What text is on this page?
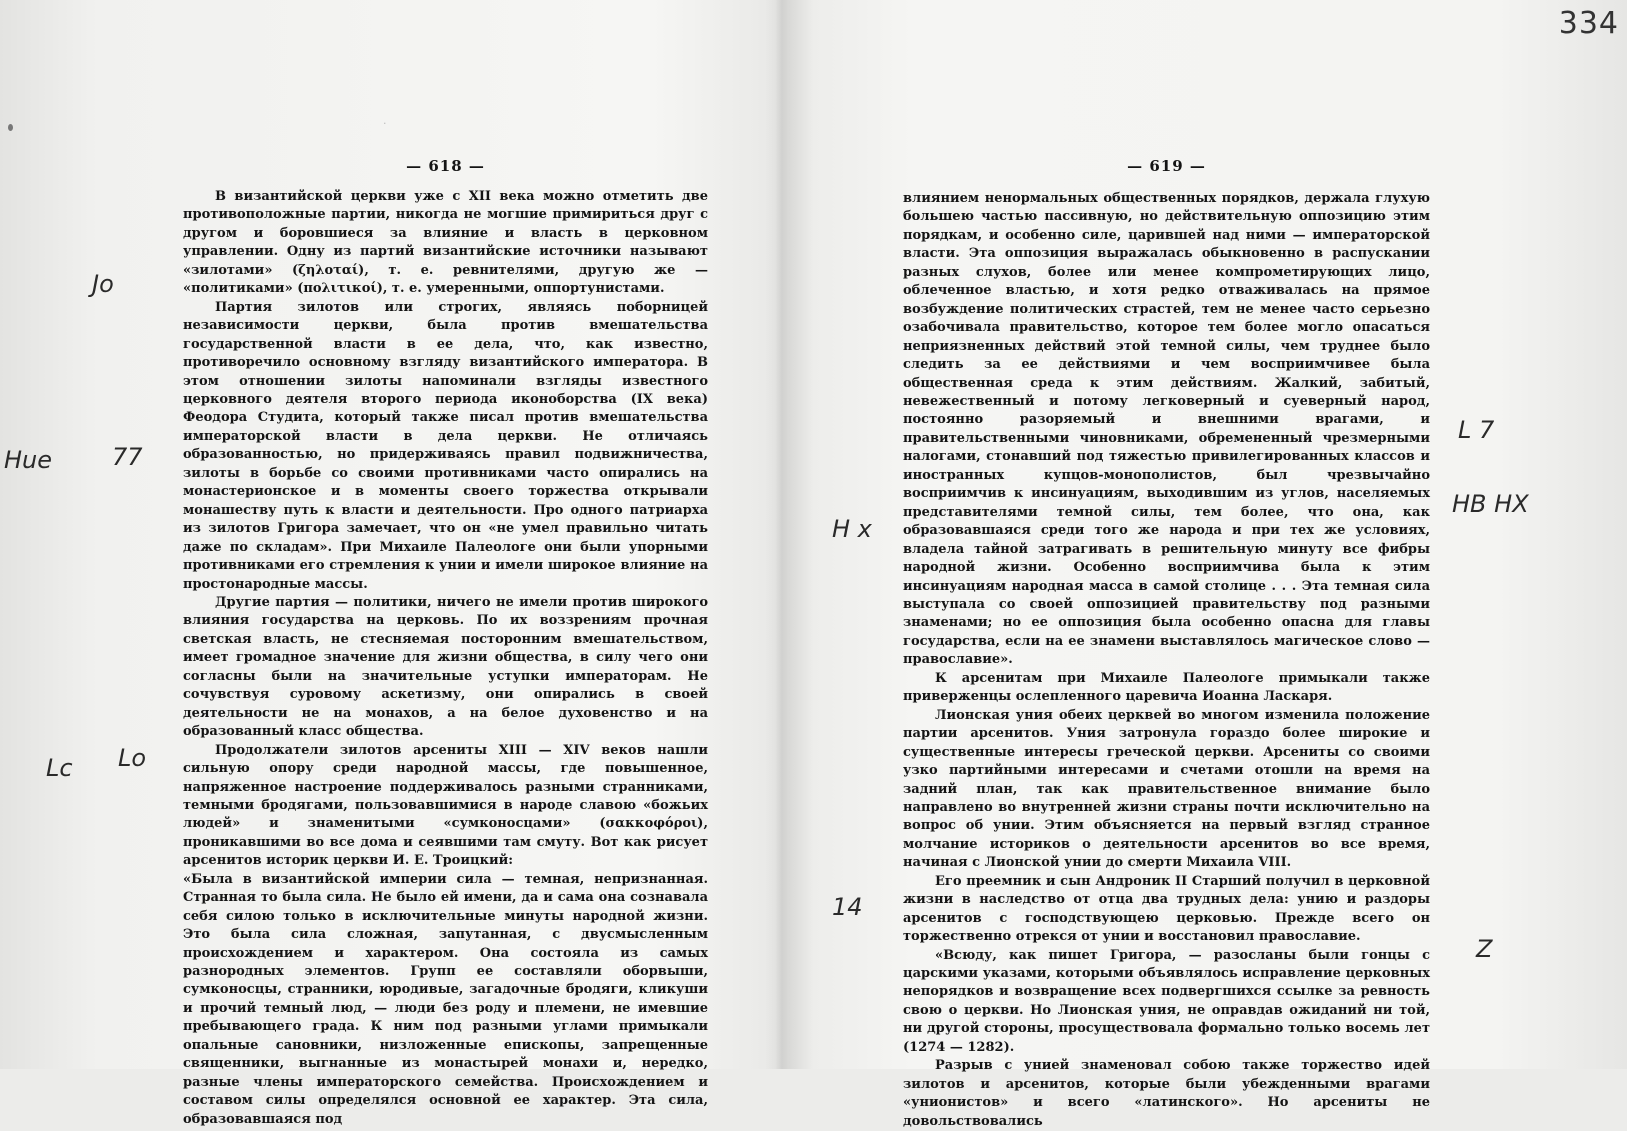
334
·
— 618 —

В византийской церкви уже с XII века можно отметить две противоположные партии, никогда не могшие примириться друг с другом и боровшиеся за влияние и власть в церковном управлении. Одну из партий византийские источники называют «зилотами» (ζηλοταί), т. е. ревнителями, другую же — «политиками» (πολιτικοί), т. е. умеренными, оппортунистами.

Партия зилотов или строгих, являясь поборницей независимости церкви, была против вмешательства государственной власти в ее дела, что, как известно, противоречило основному взгляду византийского императора. В этом отношении зилоты напоминали взгляды известного церковного деятеля второго периода иконоборства (IX века) Феодора Студита, который также писал против вмешательства императорской власти в дела церкви. Не отличаясь образованностью, но придерживаясь правил подвижничества, зилоты в борьбе со своими противниками часто опирались на монастерионское и в моменты своего торжества открывали монашеству путь к власти и деятельности. Про одного патриарха из зилотов Григора замечает, что он «не умел правильно читать даже по складам». При Михаиле Палеологе они были упорными противниками его стремления к унии и имели широкое влияние на простонародные массы.

Другие партия — политики, ничего не имели против широкого влияния государства на церковь. По их воззрениям прочная светская власть, не стесняемая посторонним вмешательством, имеет громадное значение для жизни общества, в силу чего они согласны были на значительные уступки императорам. Не сочувствуя суровому аскетизму, они опирались в своей деятельности не на монахов, а на белое духовенство и на образованный класс общества.

Продолжатели зилотов арсениты XIII — XIV веков нашли сильную опору среди народной массы, где повышенное, напряженное настроение поддерживалось разными странниками, темными бродягами, пользовавшимися в народе славою «божьих людей» и знаменитыми «сумконосцами» (σακκοφόροι), проникавшими во все дома и сеявшими там смуту. Вот как рисует арсенитов историк церкви И. Е. Троицкий:

«Была в византийской империи сила — темная, непризнанная. Странная то была сила. Не было ей имени, да и сама она сознавала себя силою только в исключительные минуты народной жизни. Это была сила сложная, запутанная, с двусмысленным происхождением и характером. Она состояла из самых разнородных элементов. Групп ее составляли оборвыши, сумконосцы, странники, юродивые, загадочные бродяги, кликуши и прочий темный люд, — люди без роду и племени, не имевшие пребывающего града. К ним под разными углами примыкали опальные сановники, низложенные епископы, запрещенные священники, выгнанные из монастырей монахи и, нередко, разные члены императорского семейства. Происхождением и составом силы определялся основной ее характер. Эта сила, образовавшаяся под

— 619 —

влиянием ненормальных общественных порядков, держала глухую большею частью пассивную, но действительную оппозицию этим порядкам, и особенно силе, царившей над ними — императорской власти. Эта оппозиция выражалась обыкновенно в распускании разных слухов, более или менее компрометирующих лицо, облеченное властью, и хотя редко отваживалась на прямое возбуждение политических страстей, тем не менее часто серьезно озабочивала правительство, которое тем более могло опасаться неприязненных действий этой темной силы, чем труднее было следить за ее действиями и чем восприимчивее была общественная среда к этим действиям. Жалкий, забитый, невежественный и потому легковерный и суеверный народ, постоянно разоряемый и внешними врагами, и правительственными чиновниками, обремененный чрезмерными налогами, стонавший под тяжестью привилегированных классов и иностранных купцов-монополистов, был чрезвычайно восприимчив к инсинуациям, выходившим из углов, населяемых представителями темной силы, тем более, что она, как образовавшаяся среди того же народа и при тех же условиях, владела тайной затрагивать в решительную минуту все фибры народной жизни. Особенно восприимчива была к этим инсинуациям народная масса в самой столице . . . Эта темная сила выступала со своей оппозицией правительству под разными знаменами; но ее оппозиция была особенно опасна для главы государства, если на ее знамени выставлялось магическое слово — православие».

К арсенитам при Михаиле Палеологе примыкали также приверженцы ослепленного царевича Иоанна Ласкаря.

Лионская уния обеих церквей во многом изменила положение партии арсенитов. Уния затронула гораздо более широкие и существенные интересы греческой церкви. Арсениты со своими узко партийными интересами и счетами отошли на время на задний план, так как правительственное внимание было направлено во внутренней жизни страны почти исключительно на вопрос об унии. Этим объясняется на первый взгляд странное молчание историков о деятельности арсенитов во все время, начиная с Лионской унии до смерти Михаила VIII.

Его преемник и сын Андроник II Старший получил в церковной жизни в наследство от отца два трудных дела: унию и раздоры арсенитов с господствующею церковью. Прежде всего он торжественно отрекся от унии и восстановил православие.

«Всюду, как пишет Григора, — разосланы были гонцы с царскими указами, которыми объявлялось исправление церковных непорядков и возвращение всех подвергшихся ссылке за ревность свою о церкви. Но Лионская уния, не оправдав ожиданий ни той, ни другой стороны, просуществовала формально только восемь лет (1274 — 1282).

Разрыв с унией знаменовал собою также торжество идей зилотов и арсенитов, которые были убежденными врагами «унионистов» и всего «латинского». Но арсениты не довольствовались

Jo
Hue 77
Lc Lo
H x
L 7
HB HX
14
Z
